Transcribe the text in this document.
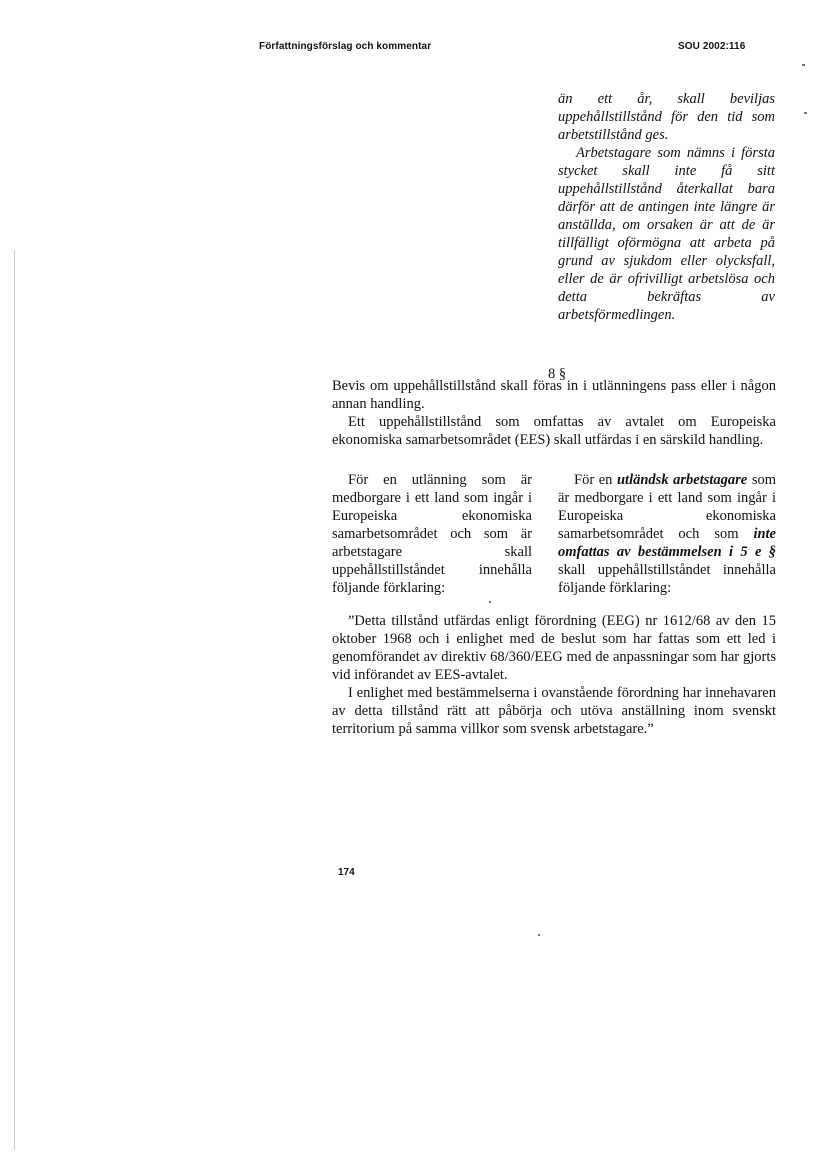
Författningsförslag och kommentar	SOU 2002:116

än ett år, skall beviljas uppehållstillstånd för den tid som arbetstillstånd ges.

Arbetstagare som nämns i första stycket skall inte få sitt uppehållstillstånd återkallat bara därför att de antingen inte längre är anställda, om orsaken är att de är tillfälligt oförmögna att arbeta på grund av sjukdom eller olycksfall, eller de är ofrivilligt arbetslösa och detta bekräftas av arbetsförmedlingen.

8 §

Bevis om uppehållstillstånd skall föras in i utlänningens pass eller i någon annan handling.

Ett uppehållstillstånd som omfattas av avtalet om Europeiska ekonomiska samarbetsområdet (EES) skall utfärdas i en särskild handling.

För en utlänning som är medborgare i ett land som ingår i Europeiska ekonomiska samarbetsområdet och som är arbetstagare skall uppehållstillståndet innehålla följande förklaring:

För en utländsk arbetstagare som är medborgare i ett land som ingår i Europeiska ekonomiska samarbetsområdet och som inte omfattas av bestämmelsen i 5 e § skall uppehållstillståndet innehålla följande förklaring:

”Detta tillstånd utfärdas enligt förordning (EEG) nr 1612/68 av den 15 oktober 1968 och i enlighet med de beslut som har fattas som ett led i genomförandet av direktiv 68/360/EEG med de anpassningar som har gjorts vid införandet av EES-avtalet.

I enlighet med bestämmelserna i ovanstående förordning har innehavaren av detta tillstånd rätt att påbörja och utöva anställning inom svenskt territorium på samma villkor som svensk arbetstagare.”

174
